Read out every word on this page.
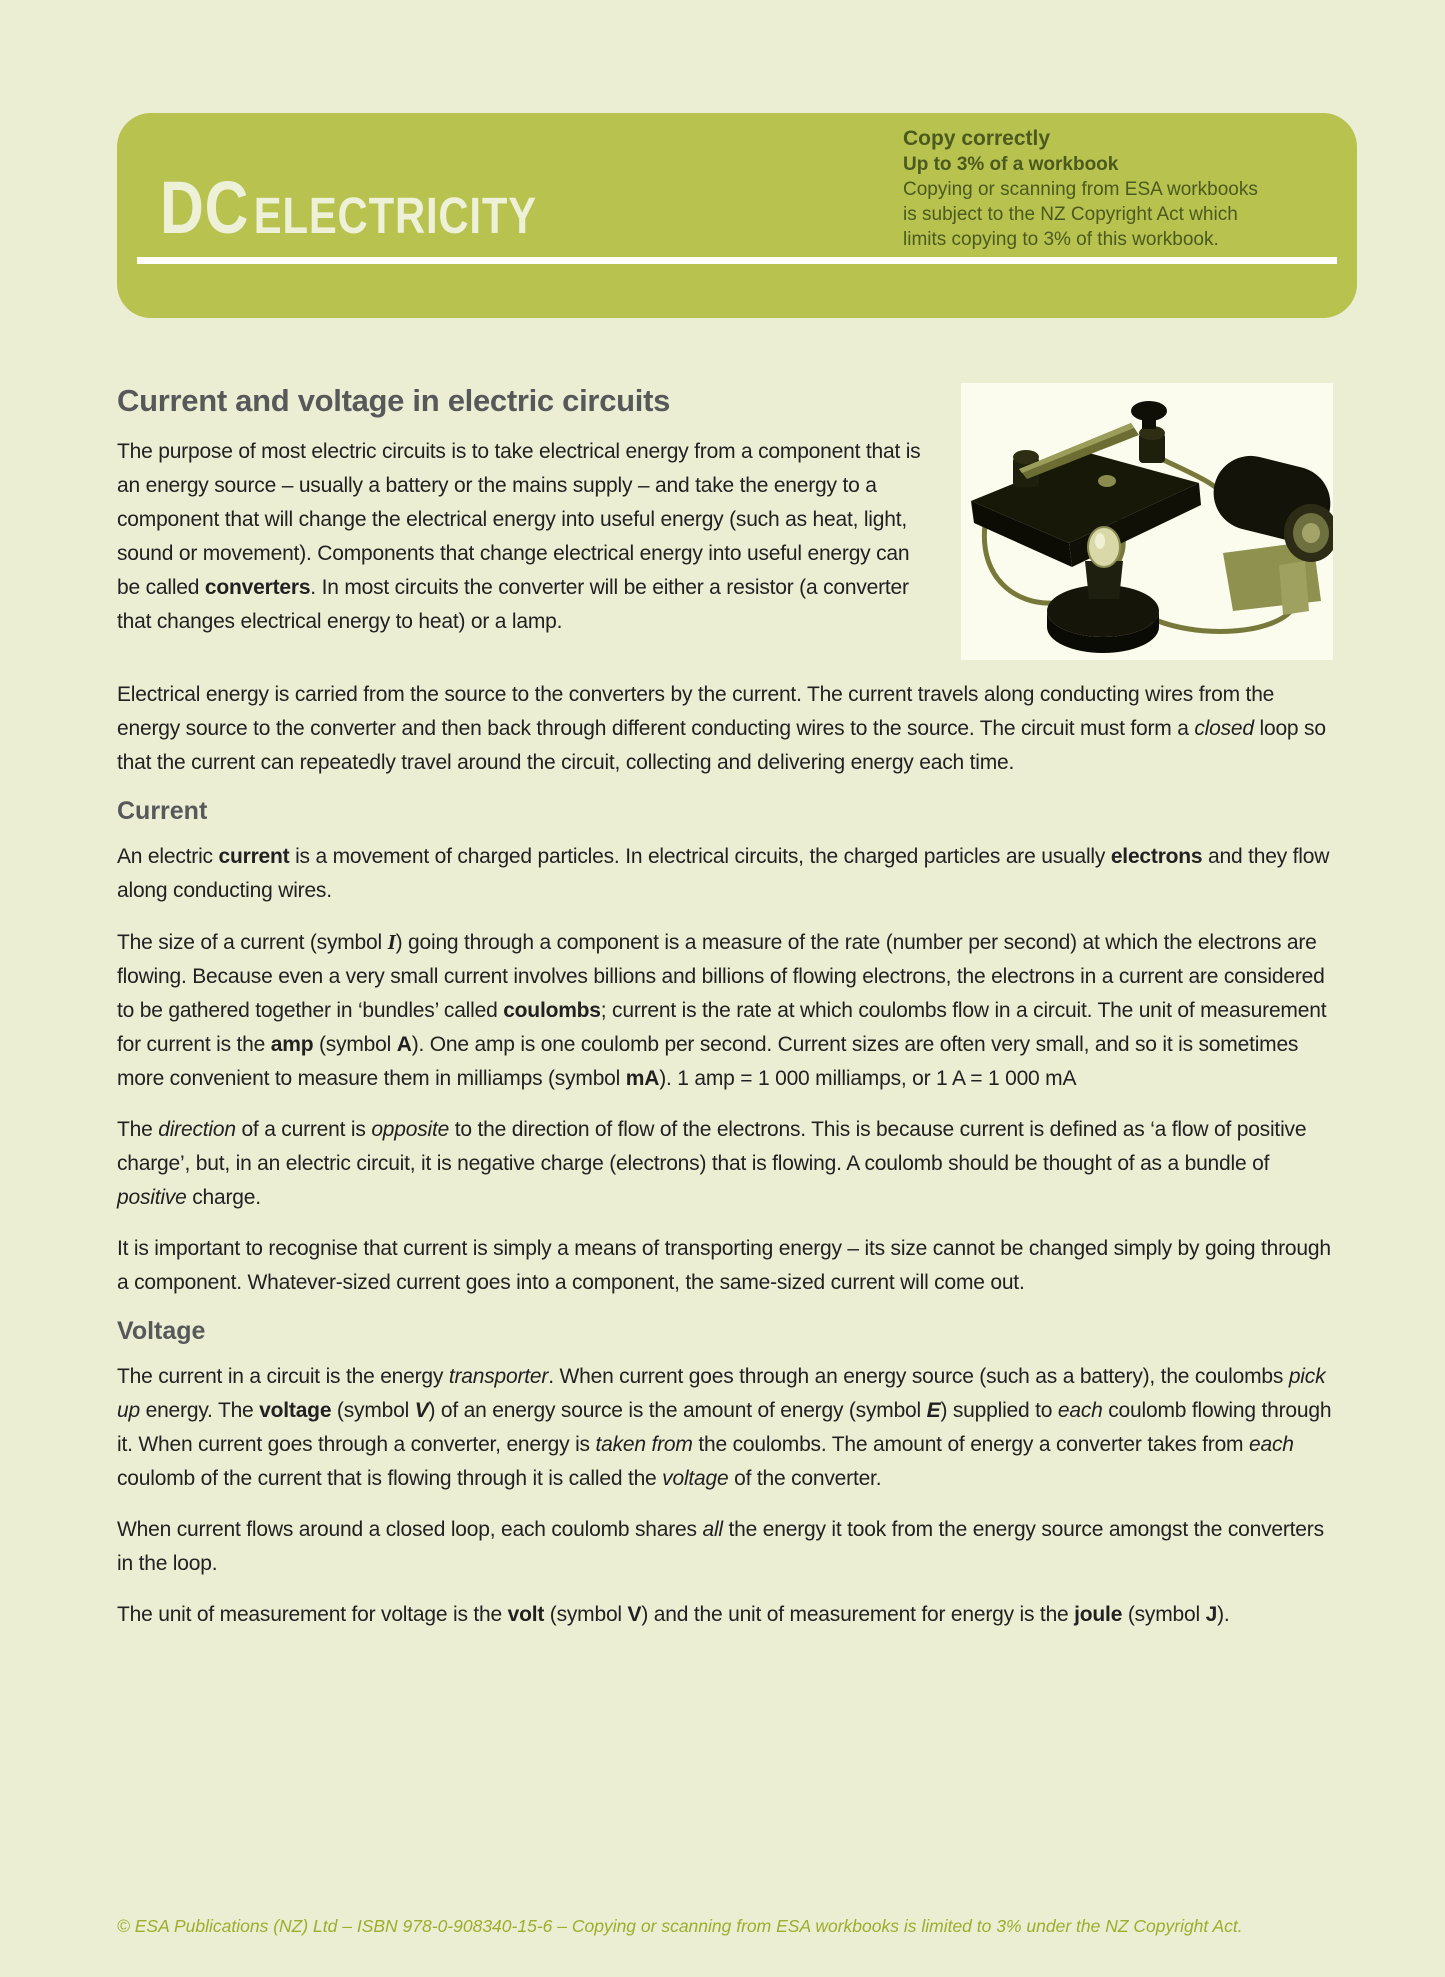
DC ELECTRICITY
Copy correctly
Up to 3% of a workbook
Copying or scanning from ESA workbooks
is subject to the NZ Copyright Act which
limits copying to 3% of this workbook.
Current and voltage in electric circuits

The purpose of most electric circuits is to take electrical energy from a component that is an energy source – usually a battery or the mains supply – and take the energy to a component that will change the electrical energy into useful energy (such as heat, light, sound or movement). Components that change electrical energy into useful energy can be called converters. In most circuits the converter will be either a resistor (a converter that changes electrical energy to heat) or a lamp.

Electrical energy is carried from the source to the converters by the current. The current travels along conducting wires from the energy source to the converter and then back through different conducting wires to the source. The circuit must form a closed loop so that the current can repeatedly travel around the circuit, collecting and delivering energy each time.

Current

An electric current is a movement of charged particles. In electrical circuits, the charged particles are usually electrons and they flow along conducting wires.

The size of a current (symbol I) going through a component is a measure of the rate (number per second) at which the electrons are flowing. Because even a very small current involves billions and billions of flowing electrons, the electrons in a current are considered to be gathered together in ‘bundles’ called coulombs; current is the rate at which coulombs flow in a circuit. The unit of measurement for current is the amp (symbol A). One amp is one coulomb per second. Current sizes are often very small, and so it is sometimes more convenient to measure them in milliamps (symbol mA). 1 amp = 1 000 milliamps, or 1 A = 1 000 mA

The direction of a current is opposite to the direction of flow of the electrons. This is because current is defined as ‘a flow of positive charge’, but, in an electric circuit, it is negative charge (electrons) that is flowing. A coulomb should be thought of as a bundle of positive charge.

It is important to recognise that current is simply a means of transporting energy – its size cannot be changed simply by going through a component. Whatever-sized current goes into a component, the same-sized current will come out.

Voltage

The current in a circuit is the energy transporter. When current goes through an energy source (such as a battery), the coulombs pick up energy. The voltage (symbol V) of an energy source is the amount of energy (symbol E) supplied to each coulomb flowing through it. When current goes through a converter, energy is taken from the coulombs. The amount of energy a converter takes from each coulomb of the current that is flowing through it is called the voltage of the converter.

When current flows around a closed loop, each coulomb shares all the energy it took from the energy source amongst the converters in the loop.

The unit of measurement for voltage is the volt (symbol V) and the unit of measurement for energy is the joule (symbol J).

© ESA Publications (NZ) Ltd – ISBN 978-0-908340-15-6 – Copying or scanning from ESA workbooks is limited to 3% under the NZ Copyright Act.
